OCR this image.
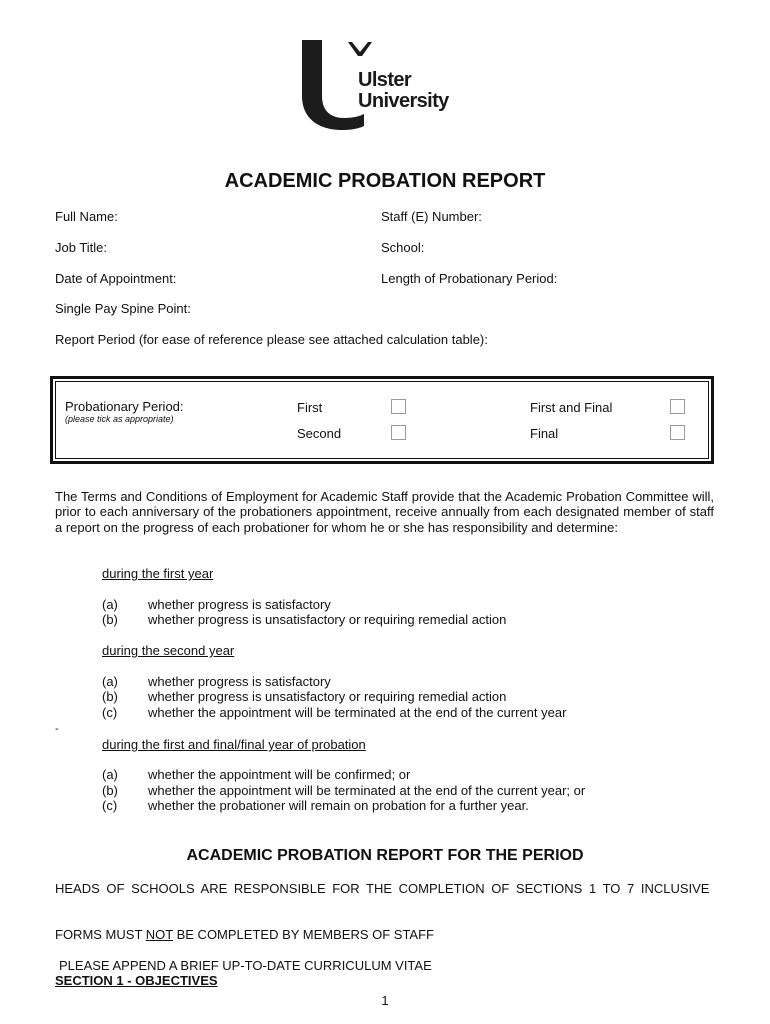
Ulster
University
ACADEMIC PROBATION REPORT
Full Name:	Staff (E) Number:
Job Title:	School:
Date of Appointment:	Length of Probationary Period:
Single Pay Spine Point:
Report Period (for ease of reference please see attached calculation table):
Probationary Period:
(please tick as appropriate)
First
Second
First and Final
Final
The Terms and Conditions of Employment for Academic Staff provide that the Academic Probation Committee will, prior to each anniversary of the probationers appointment, receive annually from each designated member of staff a report on the progress of each probationer for whom he or she has responsibility and determine:
during the first year
(a) whether progress is satisfactory
(b) whether progress is unsatisfactory or requiring remedial action
during the second year
(a) whether progress is satisfactory
(b) whether progress is unsatisfactory or requiring remedial action
(c) whether the appointment will be terminated at the end of the current year
-
during the first and final/final year of probation
(a) whether the appointment will be confirmed; or
(b) whether the appointment will be terminated at the end of the current year; or
(c) whether the probationer will remain on probation for a further year.
ACADEMIC PROBATION REPORT FOR THE PERIOD
HEADS OF SCHOOLS ARE RESPONSIBLE FOR THE COMPLETION OF SECTIONS 1 TO 7 INCLUSIVE
FORMS MUST NOT BE COMPLETED BY MEMBERS OF STAFF
PLEASE APPEND A BRIEF UP-TO-DATE CURRICULUM VITAE
SECTION 1 - OBJECTIVES
1
